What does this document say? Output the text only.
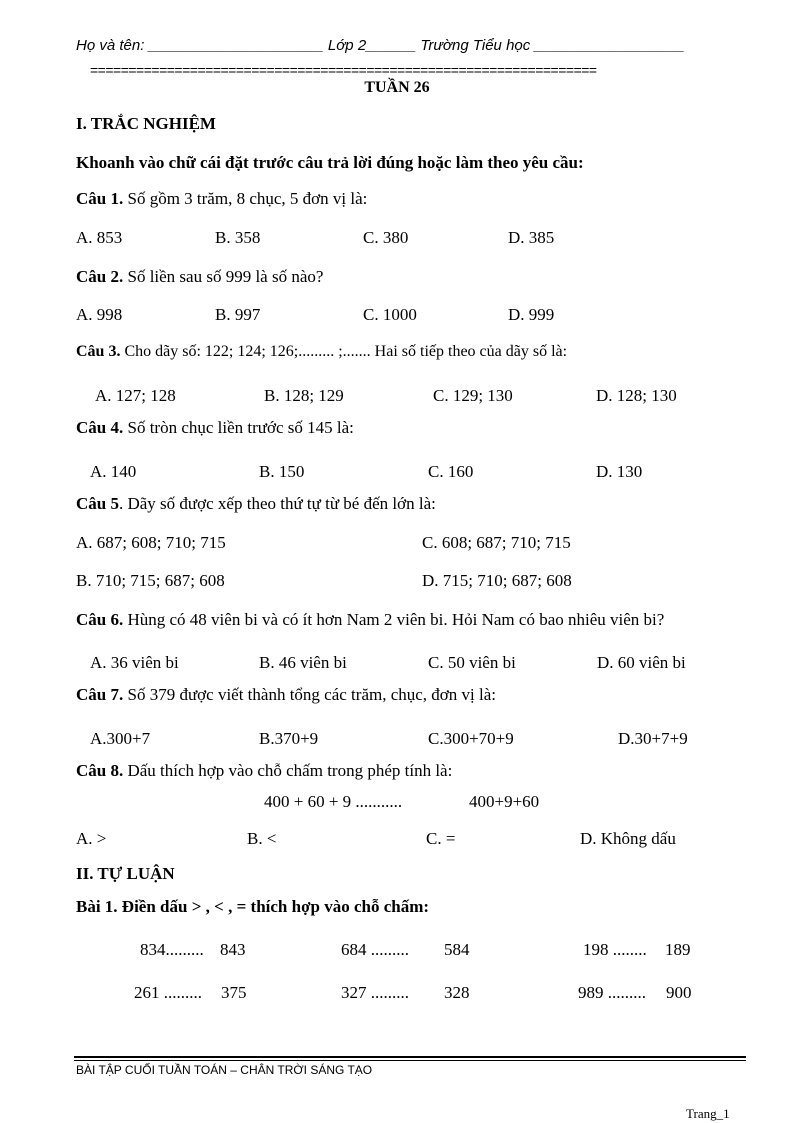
Họ và tên: _____________________ Lớp 2______ Trường Tiểu học __________________
==================================================================
TUẦN 26
I. TRẮC NGHIỆM
Khoanh vào chữ cái đặt trước câu trả lời đúng hoặc làm theo yêu cầu:
Câu 1. Số gồm 3 trăm, 8 chục, 5 đơn vị là:
A. 853	B. 358	C. 380	D. 385
Câu 2. Số liền sau số 999 là số nào?
A. 998	B. 997	C. 1000	D. 999
Câu 3. Cho dãy số: 122; 124; 126;......... ;....... Hai số tiếp theo của dãy số là:
A. 127; 128	B. 128; 129	C. 129; 130	D. 128; 130
Câu 4. Số tròn chục liền trước số 145 là:
A. 140	B. 150	C. 160	D. 130
Câu 5. Dãy số được xếp theo thứ tự từ bé đến lớn là:
A. 687; 608; 710; 715	C. 608; 687; 710; 715
B. 710; 715; 687; 608	D. 715; 710; 687; 608
Câu 6. Hùng có 48 viên bi và có ít hơn Nam 2 viên bi. Hỏi Nam có bao nhiêu viên bi?
A. 36 viên bi	B. 46 viên bi	C. 50 viên bi	D. 60 viên bi
Câu 7. Số 379 được viết thành tổng các trăm, chục, đơn vị là:
A.300+7	B.370+9	C.300+70+9	D.30+7+9
Câu 8. Dấu thích hợp vào chỗ chấm trong phép tính là:
400 + 60 + 9 ...........	400+9+60
A. >	B. <	C. =	D. Không dấu
II. TỰ LUẬN
Bài 1. Điền dấu > , < , = thích hợp vào chỗ chấm:
834......... 843	684 ......... 584	198 ........ 189
261 ......... 375	327 ......... 328	989 ......... 900
BÀI TẬP CUỐI TUẦN TOÁN – CHÂN TRỜI SÁNG TẠO
Trang_1
